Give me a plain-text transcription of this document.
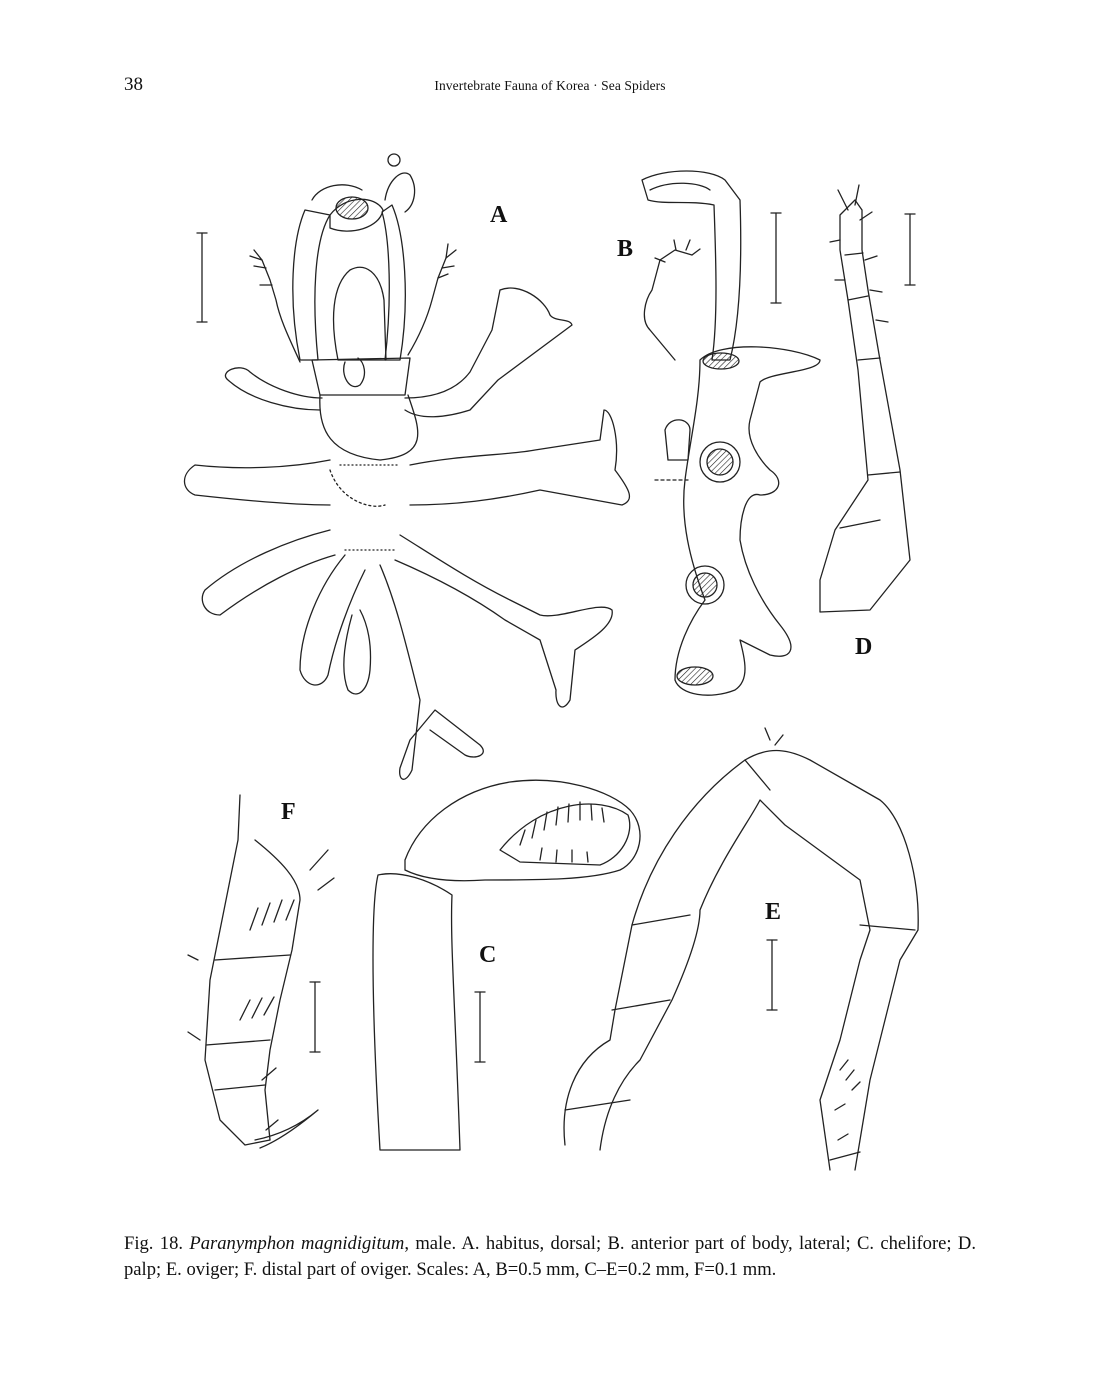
38	Invertebrate Fauna of Korea · Sea Spiders
A
B
D
F
E
C
Fig. 18. Paranymphon magnidigitum, male. A. habitus, dorsal; B. anterior part of body, lateral; C. chelifore; D. palp; E. oviger; F. distal part of oviger. Scales: A, B=0.5 mm, C–E=0.2 mm, F=0.1 mm.
